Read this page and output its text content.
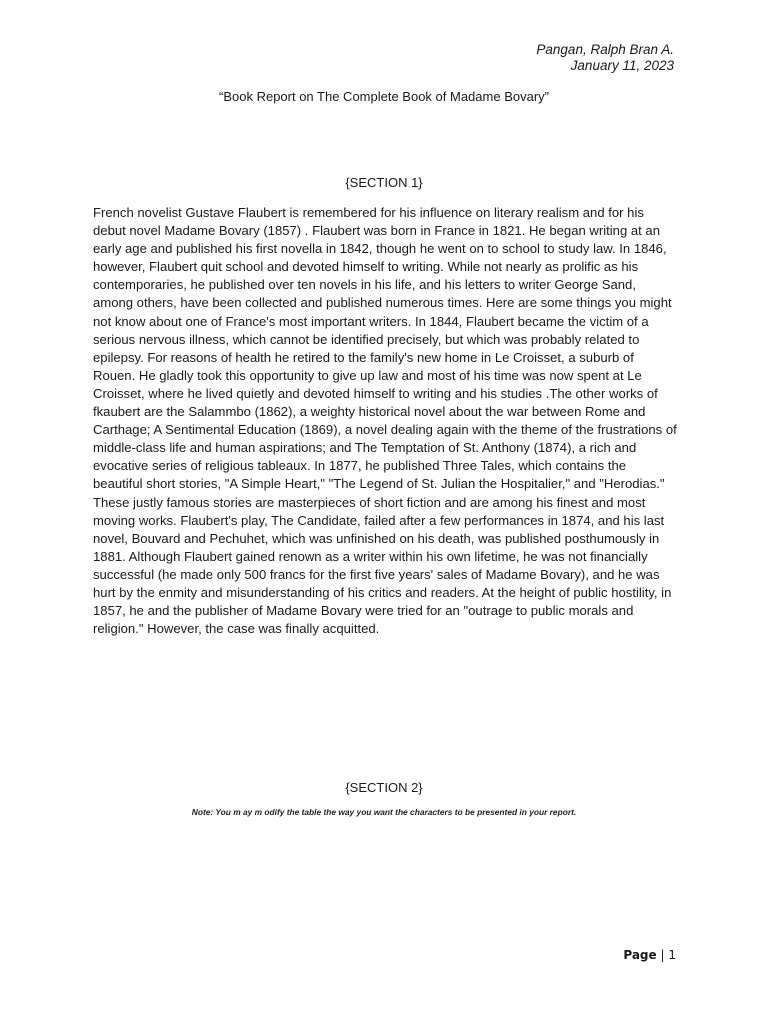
Pangan, Ralph Bran A.
January 11, 2023
“Book Report on The Complete Book of Madame Bovary”
{SECTION 1}

French novelist Gustave Flaubert is remembered for his influence on literary realism and for his debut novel Madame Bovary (1857) . Flaubert was born in France in 1821. He began writing at an early age and published his first novella in 1842, though he went on to school to study law. In 1846, however, Flaubert quit school and devoted himself to writing. While not nearly as prolific as his contemporaries, he published over ten novels in his life, and his letters to writer George Sand, among others, have been collected and published numerous times. Here are some things you might not know about one of France's most important writers. In 1844, Flaubert became the victim of a serious nervous illness, which cannot be identified precisely, but which was probably related to epilepsy. For reasons of health he retired to the family's new home in Le Croisset, a suburb of Rouen. He gladly took this opportunity to give up law and most of his time was now spent at Le Croisset, where he lived quietly and devoted himself to writing and his studies .The other works of fkaubert are the Salammbo (1862), a weighty historical novel about the war between Rome and Carthage; A Sentimental Education (1869), a novel dealing again with the theme of the frustrations of middle-class life and human aspirations; and The Temptation of St. Anthony (1874), a rich and evocative series of religious tableaux. In 1877, he published Three Tales, which contains the beautiful short stories, "A Simple Heart," "The Legend of St. Julian the Hospitalier," and "Herodias." These justly famous stories are masterpieces of short fiction and are among his finest and most moving works. Flaubert's play, The Candidate, failed after a few performances in 1874, and his last novel, Bouvard and Pechuhet, which was unfinished on his death, was published posthumously in 1881. Although Flaubert gained renown as a writer within his own lifetime, he was not financially successful (he made only 500 francs for the first five years' sales of Madame Bovary), and he was hurt by the enmity and misunderstanding of his critics and readers. At the height of public hostility, in 1857, he and the publisher of Madame Bovary were tried for an "outrage to public morals and religion." However, the case was finally acquitted.

{SECTION 2}
Note: You m ay m odify the table the way you want the characters to be presented in your report.
Page | 1
